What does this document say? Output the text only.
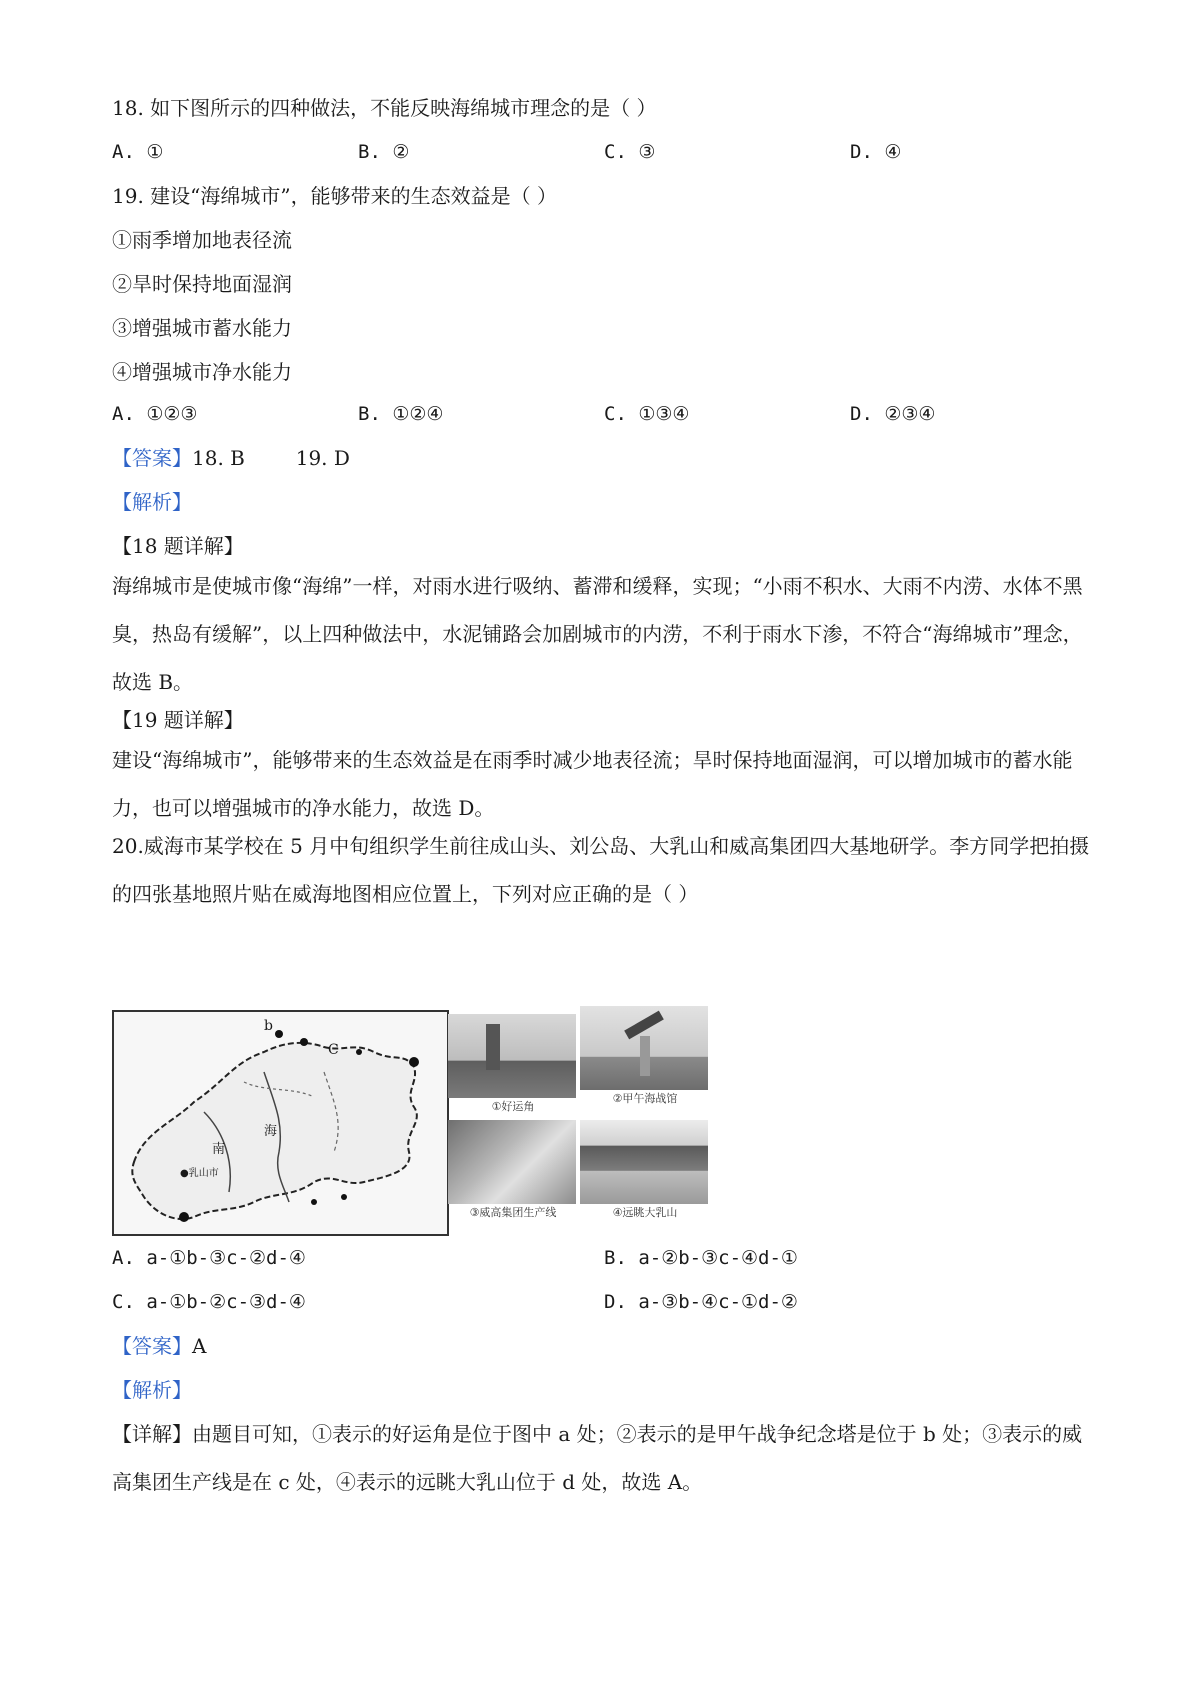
18. 如下图所示的四种做法，不能反映海绵城市理念的是（ ）
A. ①	B. ②	C. ③	D. ④
19. 建设“海绵城市”，能够带来的生态效益是（ ）
①雨季增加地表径流
②旱时保持地面湿润
③增强城市蓄水能力
④增强城市净水能力
A. ①②③	B. ①②④	C. ①③④	D. ②③④
【答案】18. B        19. D
【解析】
【18 题详解】
海绵城市是使城市像“海绵”一样，对雨水进行吸纳、蓄滞和缓释，实现；“小雨不积水、大雨不内涝、水体不黑臭，热岛有缓解”，以上四种做法中，水泥铺路会加剧城市的内涝，不利于雨水下渗，不符合“海绵城市”理念，故选 B。
【19 题详解】
建设“海绵城市”，能够带来的生态效益是在雨季时减少地表径流；旱时保持地面湿润，可以增加城市的蓄水能力，也可以增强城市的净水能力，故选 D。
20.威海市某学校在 5 月中旬组织学生前往成山头、刘公岛、大乳山和威高集团四大基地研学。李方同学把拍摄的四张基地照片贴在威海地图相应位置上，下列对应正确的是（ ）
b
C
海
南
●乳山市
①好运角
②甲午海战馆
③威高集团生产线	④远眺大乳山
A. a-①b-③c-②d-④	B. a-②b-③c-④d-①
C. a-①b-②c-③d-④	D. a-③b-④c-①d-②
【答案】A
【解析】
【详解】由题目可知，①表示的好运角是位于图中 a 处；②表示的是甲午战争纪念塔是位于 b 处；③表示的威高集团生产线是在 c 处，④表示的远眺大乳山位于 d 处，故选 A。
